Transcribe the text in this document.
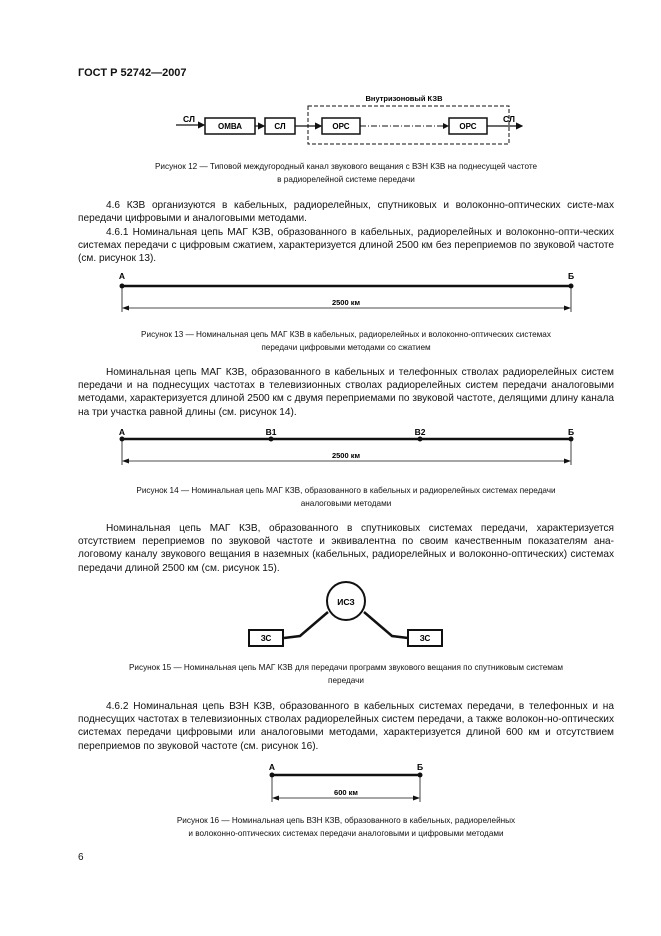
ГОСТ Р 52742—2007
СЛ
ОМВА	СЛ
Внутризоновый КЗВ
ОРС	ОРС
СЛ
Рисунок 12 — Типовой междугородный канал звукового вещания с ВЗН КЗВ на поднесущей частоте
в радиорелейной системе передачи
4.6 КЗВ организуются в кабельных, радиорелейных, спутниковых и волоконно-оптических систе-мах передачи цифровыми и аналоговыми методами.
4.6.1 Номинальная цепь МАГ КЗВ, образованного в кабельных, радиорелейных и волоконно-опти-ческих системах передачи с цифровым сжатием, характеризуется длиной 2500 км без переприемов по звуковой частоте (см. рисунок 13).
А	Б
2500 км
Рисунок 13 — Номинальная цепь МАГ КЗВ в кабельных, радиорелейных и волоконно-оптических системах
передачи цифровыми методами со сжатием
Номинальная цепь МАГ КЗВ, образованного в кабельных и телефонных стволах радиорелейных систем передачи и на поднесущих частотах в телевизионных стволах радиорелейных систем передачи аналоговыми методами, характеризуется длиной 2500 км с двумя переприемами по звуковой частоте, делящими длину канала на три участка равной длины (см. рисунок 14).
А	В1	В2	Б
2500 км
Рисунок 14 — Номинальная цепь МАГ КЗВ, образованного в кабельных и радиорелейных системах передачи
аналоговыми методами
Номинальная цепь МАГ КЗВ, образованного в спутниковых системах передачи, характеризуется отсутствием переприемов по звуковой частоте и эквивалентна по своим качественным показателям ана-логовому каналу звукового вещания в наземных (кабельных, радиорелейных и волоконно-оптических) системах передачи длиной 2500 км (см. рисунок 15).
ИСЗ
ЗС	ЗС
Рисунок 15 — Номинальная цепь МАГ КЗВ для передачи программ звукового вещания по спутниковым системам
передачи
4.6.2 Номинальная цепь ВЗН КЗВ, образованного в кабельных системах передачи, в телефонных и на поднесущих частотах в телевизионных стволах радиорелейных систем передачи, а также волокон-но-оптических системах передачи цифровыми или аналоговыми методами, характеризуется длиной 600 км и отсутствием переприемов по звуковой частоте (см. рисунок 16).
А	Б
600 км
Рисунок 16 — Номинальная цепь ВЗН КЗВ, образованного в кабельных, радиорелейных
и волоконно-оптических системах передачи аналоговыми и цифровыми методами
6
